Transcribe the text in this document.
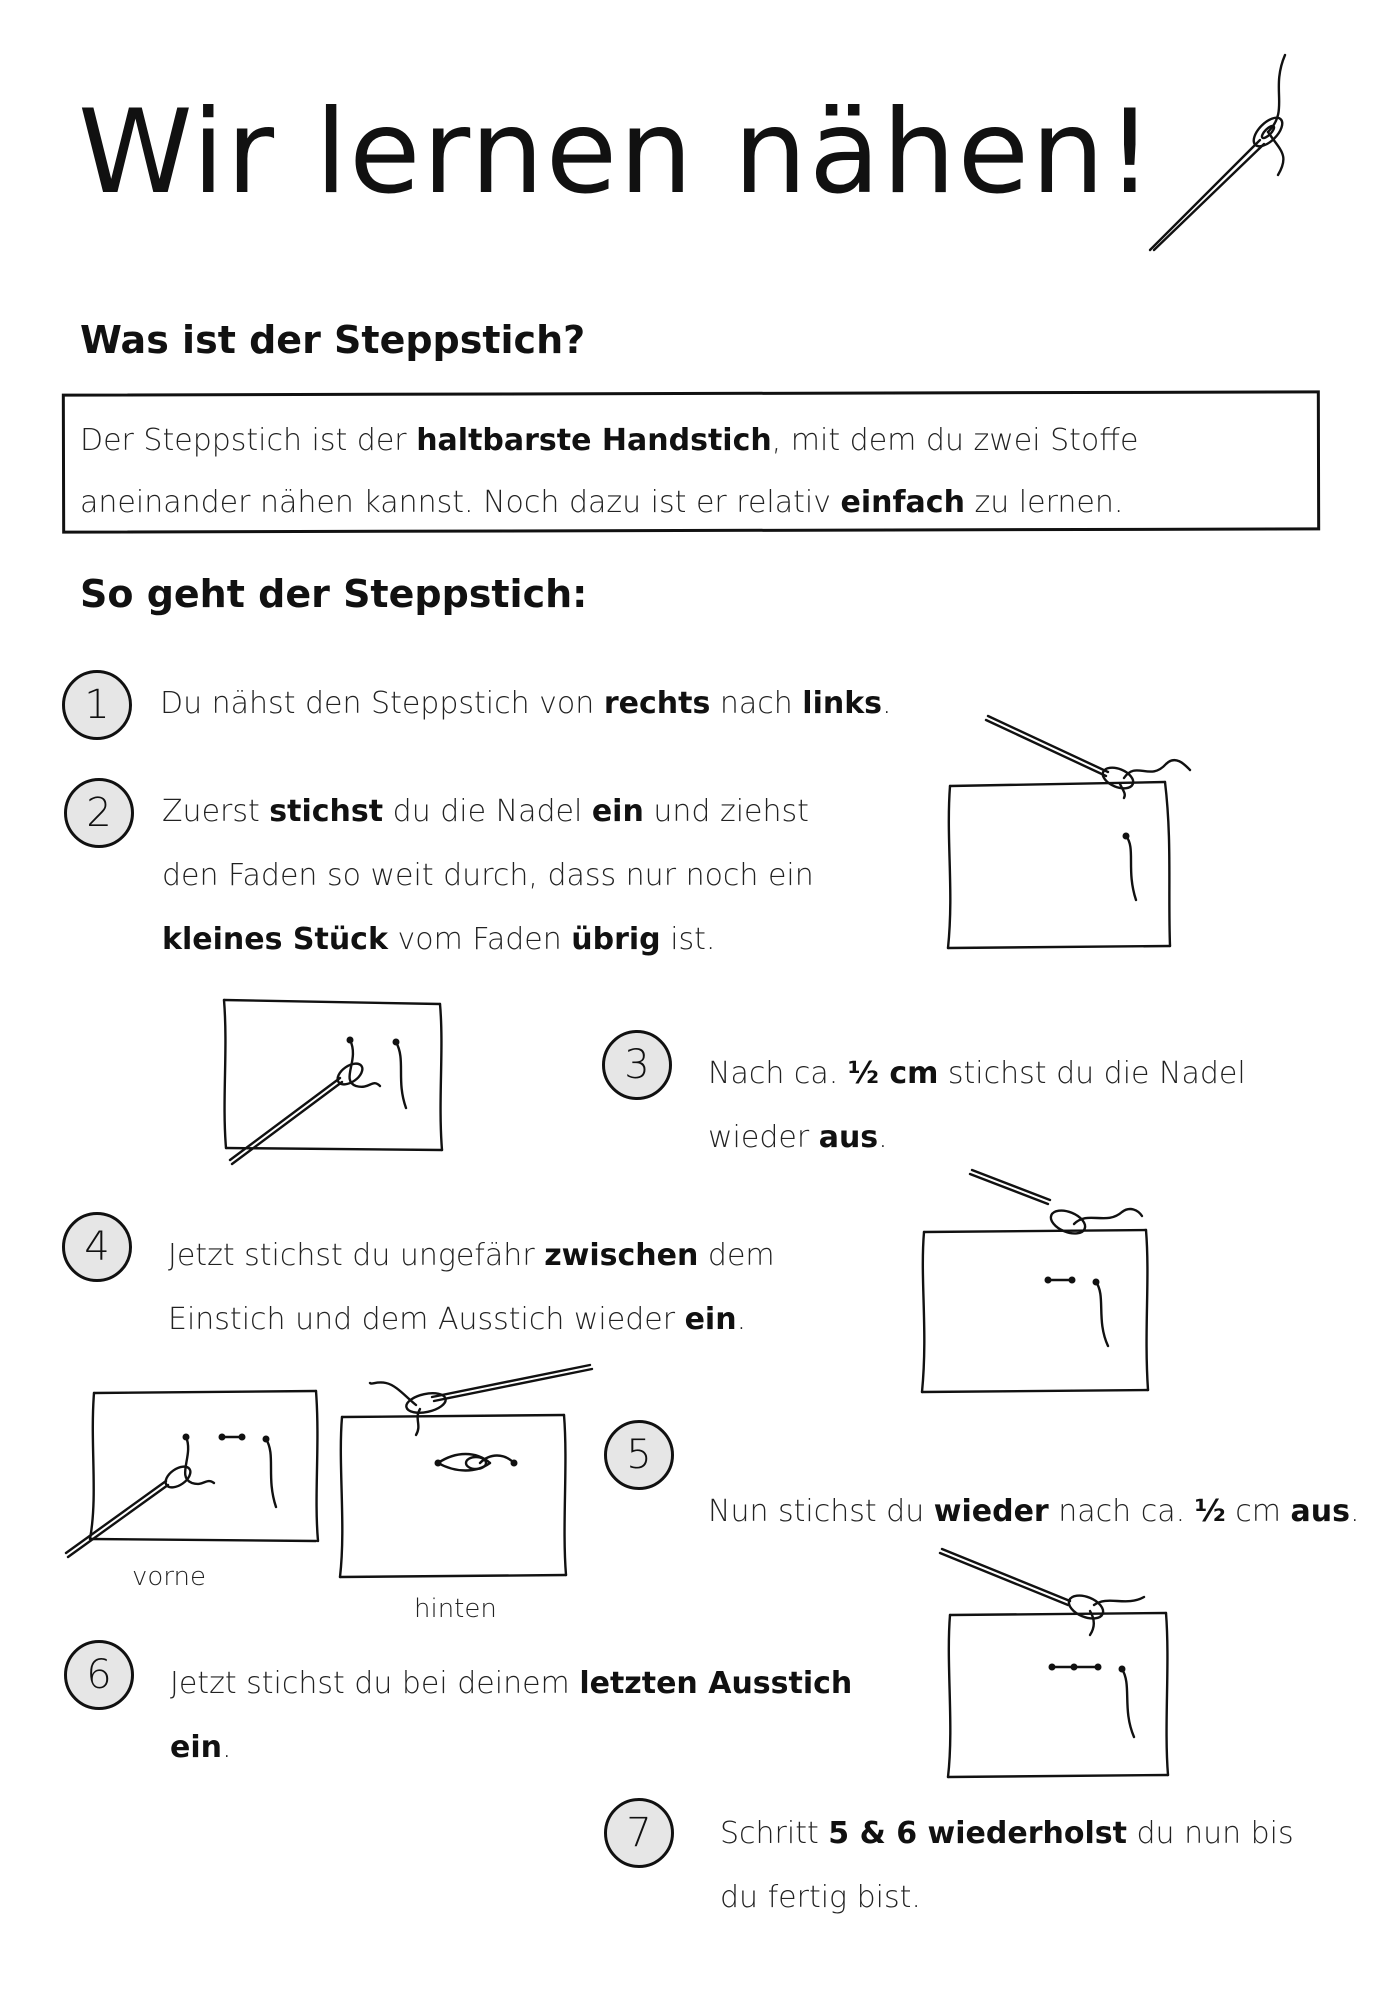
Wir lernen nähen!
Was ist der Steppstich?
Der Steppstich ist der haltbarste Handstich, mit dem du zwei Stoffe aneinander nähen kannst. Noch dazu ist er relativ einfach zu lernen.
So geht der Steppstich:
1	Du nähst den Steppstich von rechts nach links.
2	Zuerst stichst du die Nadel ein und ziehst den Faden so weit durch, dass nur noch ein kleines Stück vom Faden übrig ist.
3	Nach ca. ½ cm stichst du die Nadel wieder aus.
4	Jetzt stichst du ungefähr zwischen dem Einstich und dem Ausstich wieder ein.
vorne
hinten
5
Nun stichst du wieder nach ca. ½ cm aus.
6	Jetzt stichst du bei deinem letzten Ausstich ein.
7	Schritt 5 & 6 wiederholst du nun bis du fertig bist.
